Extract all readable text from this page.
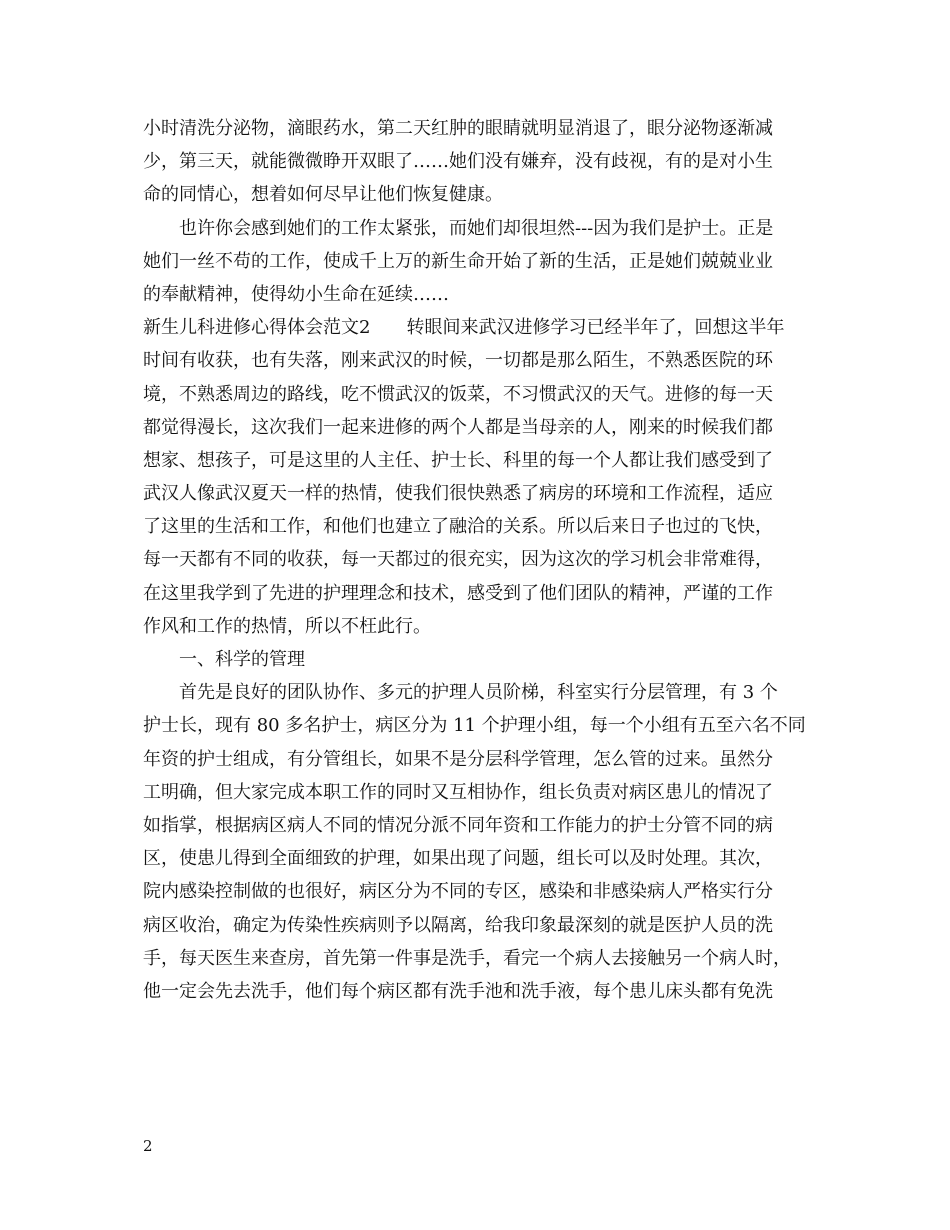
小时清洗分泌物，滴眼药水，第二天红肿的眼睛就明显消退了，眼分泌物逐渐减
少，第三天，就能微微睁开双眼了……她们没有嫌弃，没有歧视，有的是对小生
命的同情心，想着如何尽早让他们恢复健康。
　　也许你会感到她们的工作太紧张，而她们却很坦然---因为我们是护士。正是
她们一丝不苟的工作，使成千上万的新生命开始了新的生活，正是她们兢兢业业
的奉献精神，使得幼小生命在延续……
新生儿科进修心得体会范文2　　转眼间来武汉进修学习已经半年了，回想这半年
时间有收获，也有失落，刚来武汉的时候，一切都是那么陌生，不熟悉医院的环
境，不熟悉周边的路线，吃不惯武汉的饭菜，不习惯武汉的天气。进修的每一天
都觉得漫长，这次我们一起来进修的两个人都是当母亲的人，刚来的时候我们都
想家、想孩子，可是这里的人主任、护士长、科里的每一个人都让我们感受到了
武汉人像武汉夏天一样的热情，使我们很快熟悉了病房的环境和工作流程，适应
了这里的生活和工作，和他们也建立了融洽的关系。所以后来日子也过的飞快，
每一天都有不同的收获，每一天都过的很充实，因为这次的学习机会非常难得，
在这里我学到了先进的护理理念和技术，感受到了他们团队的精神，严谨的工作
作风和工作的热情，所以不枉此行。
　　一、科学的管理
　　首先是良好的团队协作、多元的护理人员阶梯，科室实行分层管理，有 3 个
护士长，现有 80 多名护士，病区分为 11 个护理小组，每一个小组有五至六名不同
年资的护士组成，有分管组长，如果不是分层科学管理，怎么管的过来。虽然分
工明确，但大家完成本职工作的同时又互相协作，组长负责对病区患儿的情况了
如指掌，根据病区病人不同的情况分派不同年资和工作能力的护士分管不同的病
区，使患儿得到全面细致的护理，如果出现了问题，组长可以及时处理。其次，
院内感染控制做的也很好，病区分为不同的专区，感染和非感染病人严格实行分
病区收治，确定为传染性疾病则予以隔离，给我印象最深刻的就是医护人员的洗
手，每天医生来查房，首先第一件事是洗手，看完一个病人去接触另一个病人时，
他一定会先去洗手，他们每个病区都有洗手池和洗手液，每个患儿床头都有免洗
2
